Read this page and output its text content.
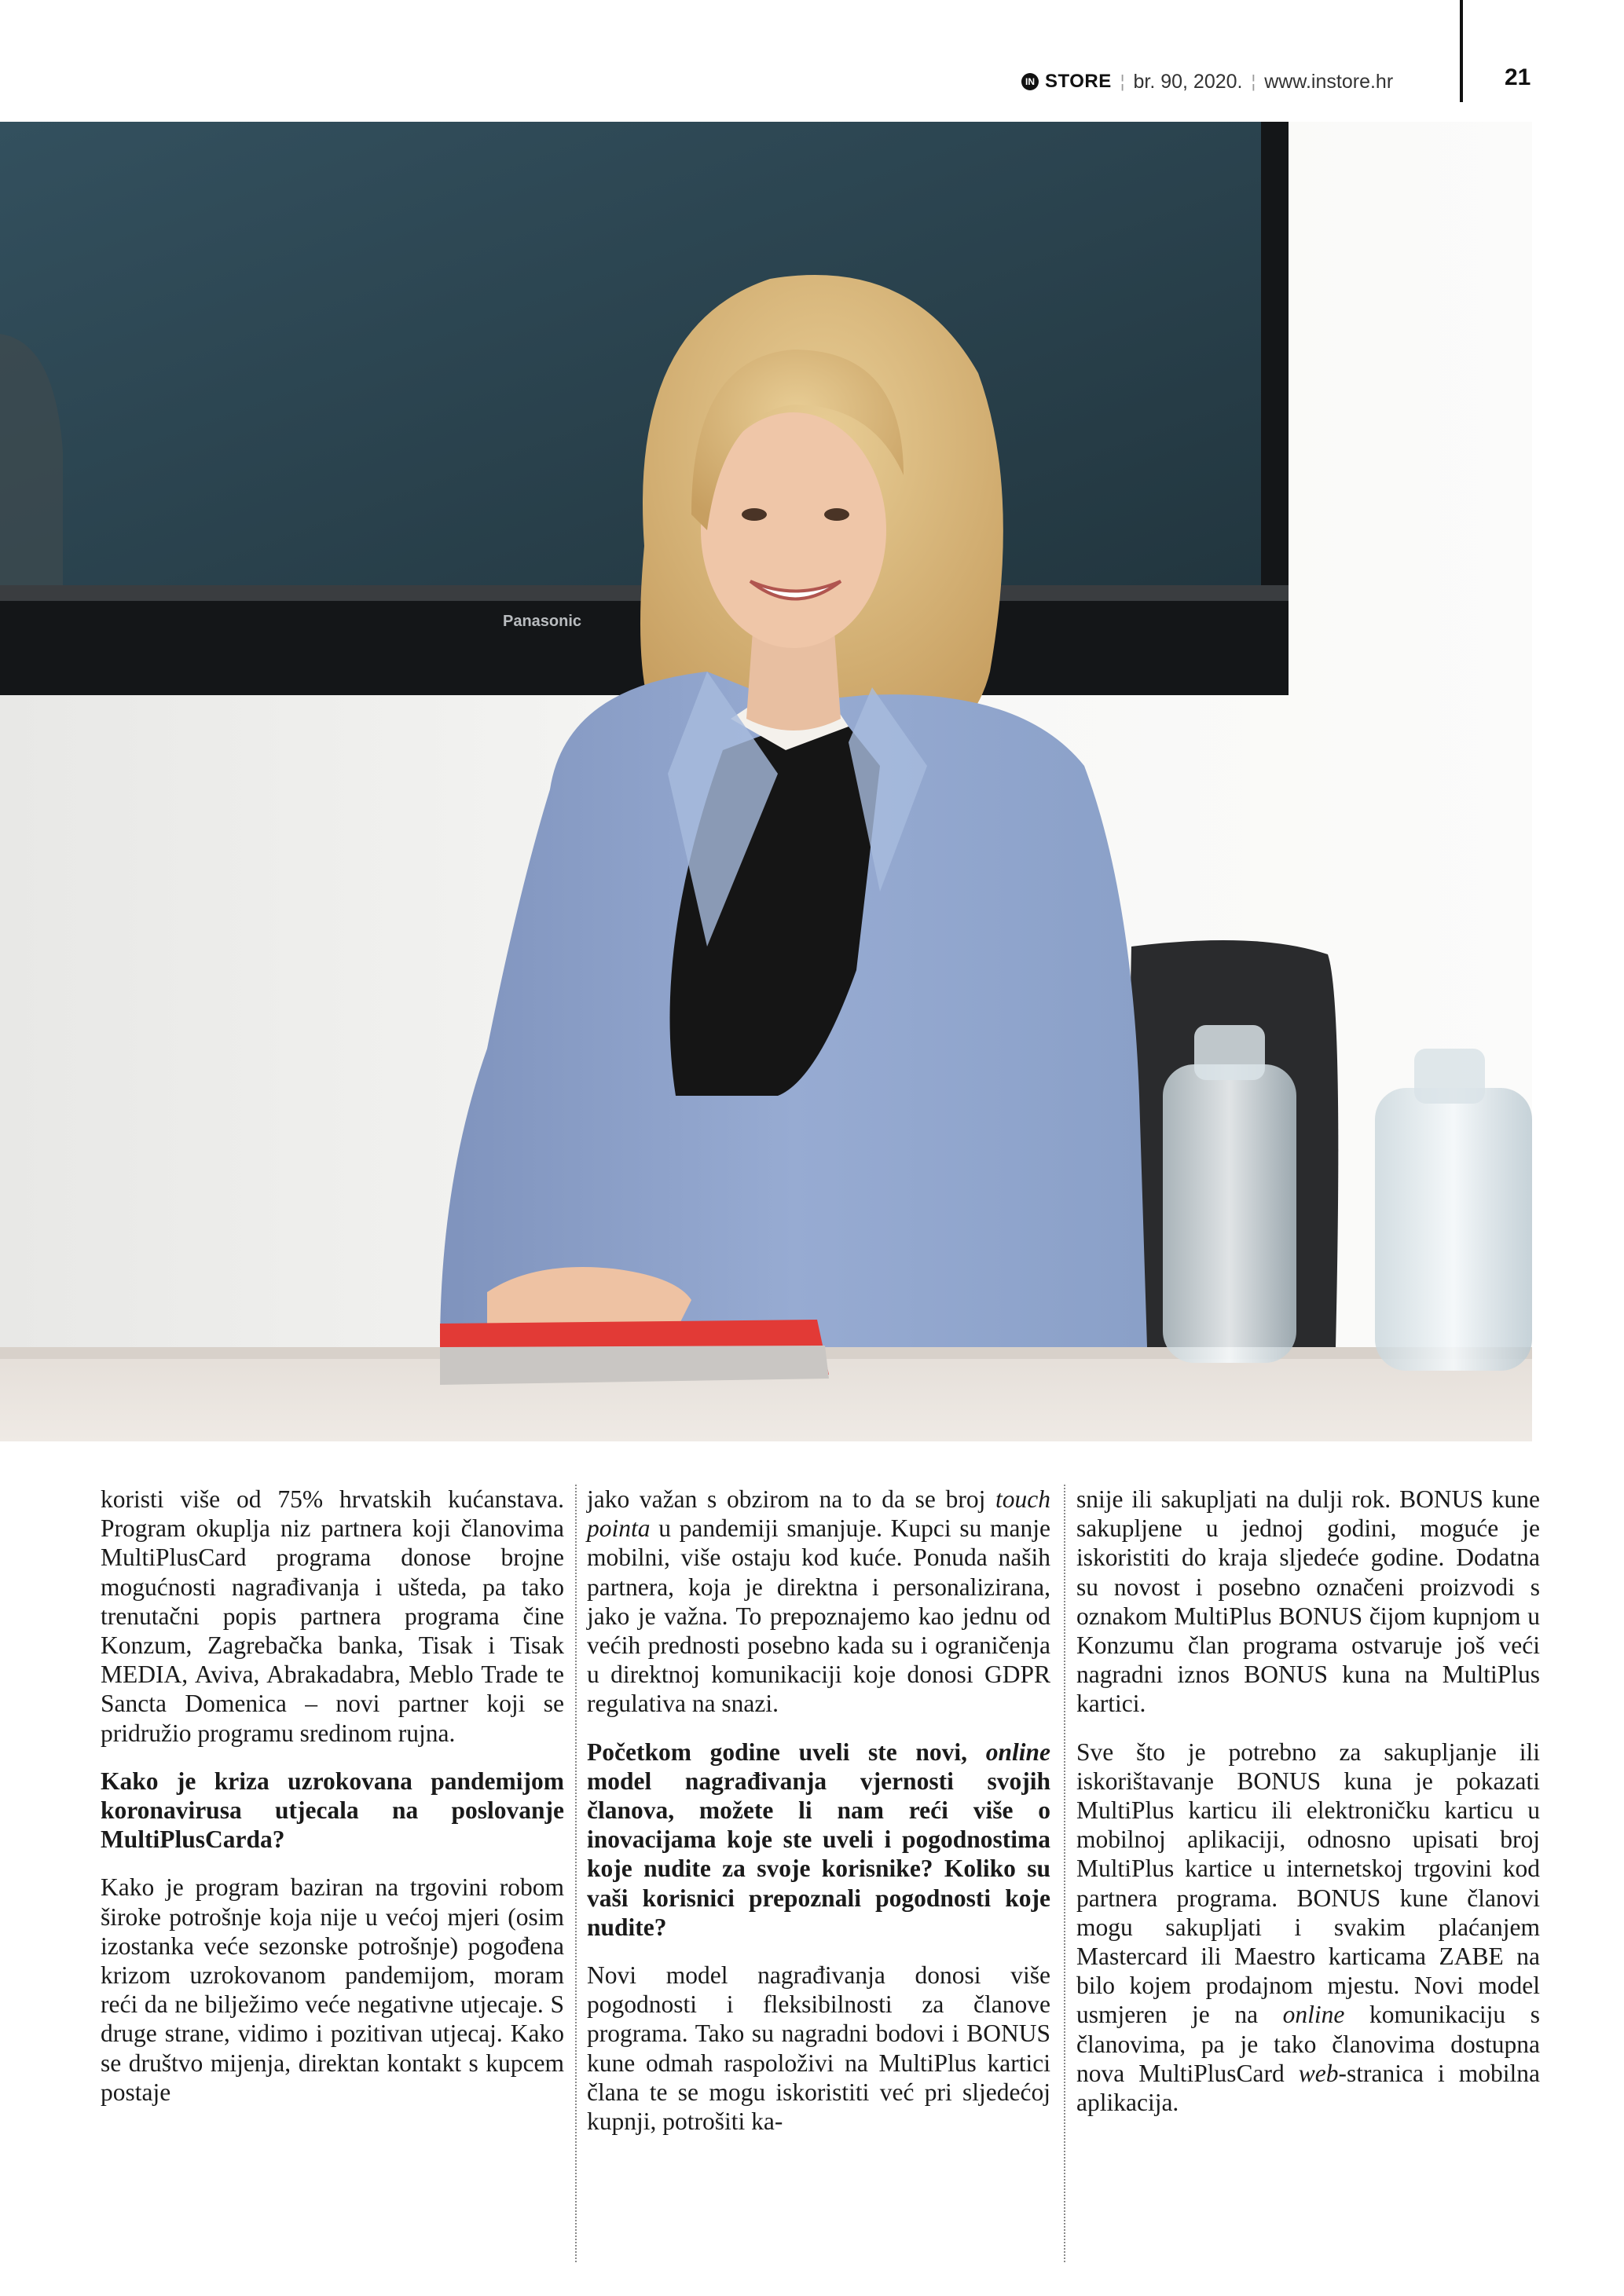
IN STORE ¦ br. 90, 2020. ¦ www.instore.hr	21
Panasonic

koristi više od 75% hrvatskih kućanstava. Program okuplja niz partnera koji članovima MultiPlusCard programa donose brojne mogućnosti nagrađivanja i ušteda, pa tako trenutačni popis partnera programa čine Konzum, Zagrebačka banka, Tisak i Tisak MEDIA, Aviva, Abrakadabra, Meblo Trade te Sancta Domenica – novi partner koji se pridružio programu sredinom rujna.

Kako je kriza uzrokovana pandemijom koronavirusa utjecala na poslovanje MultiPlusCarda?

Kako je program baziran na trgovini robom široke potrošnje koja nije u većoj mjeri (osim izostanka veće sezonske potrošnje) pogođena krizom uzrokovanom pandemijom, moram reći da ne bilježimo veće negativne utjecaje. S druge strane, vidimo i pozitivan utjecaj. Kako se društvo mijenja, direktan kontakt s kupcem postaje

jako važan s obzirom na to da se broj touch pointa u pandemiji smanjuje. Kupci su manje mobilni, više ostaju kod kuće. Ponuda naših partnera, koja je direktna i personalizirana, jako je važna. To prepoznajemo kao jednu od većih prednosti posebno kada su i ograničenja u direktnoj komunikaciji koje donosi GDPR regulativa na snazi.

Početkom godine uveli ste novi, online model nagrađivanja vjernosti svojih članova, možete li nam reći više o inovacijama koje ste uveli i pogodnostima koje nudite za svoje korisnike? Koliko su vaši korisnici prepoznali pogodnosti koje nudite?

Novi model nagrađivanja donosi više pogodnosti i fleksibilnosti za članove programa. Tako su nagradni bodovi i BONUS kune odmah raspoloživi na MultiPlus kartici člana te se mogu iskoristiti već pri sljedećoj kupnji, potrošiti ka-

snije ili sakupljati na dulji rok. BONUS kune sakupljene u jednoj godini, moguće je iskoristiti do kraja sljedeće godine. Dodatna su novost i posebno označeni proizvodi s oznakom MultiPlus BONUS čijom kupnjom u Konzumu član programa ostvaruje još veći nagradni iznos BONUS kuna na MultiPlus kartici.

Sve što je potrebno za sakupljanje ili iskorištavanje BONUS kuna je pokazati MultiPlus karticu ili elektroničku karticu u mobilnoj aplikaciji, odnosno upisati broj MultiPlus kartice u internetskoj trgovini kod partnera programa. BONUS kune članovi mogu sakupljati i svakim plaćanjem Mastercard ili Maestro karticama ZABE na bilo kojem prodajnom mjestu. Novi model usmjeren je na online komunikaciju s članovima, pa je tako članovima dostupna nova MultiPlusCard web-stranica i mobilna aplikacija.
